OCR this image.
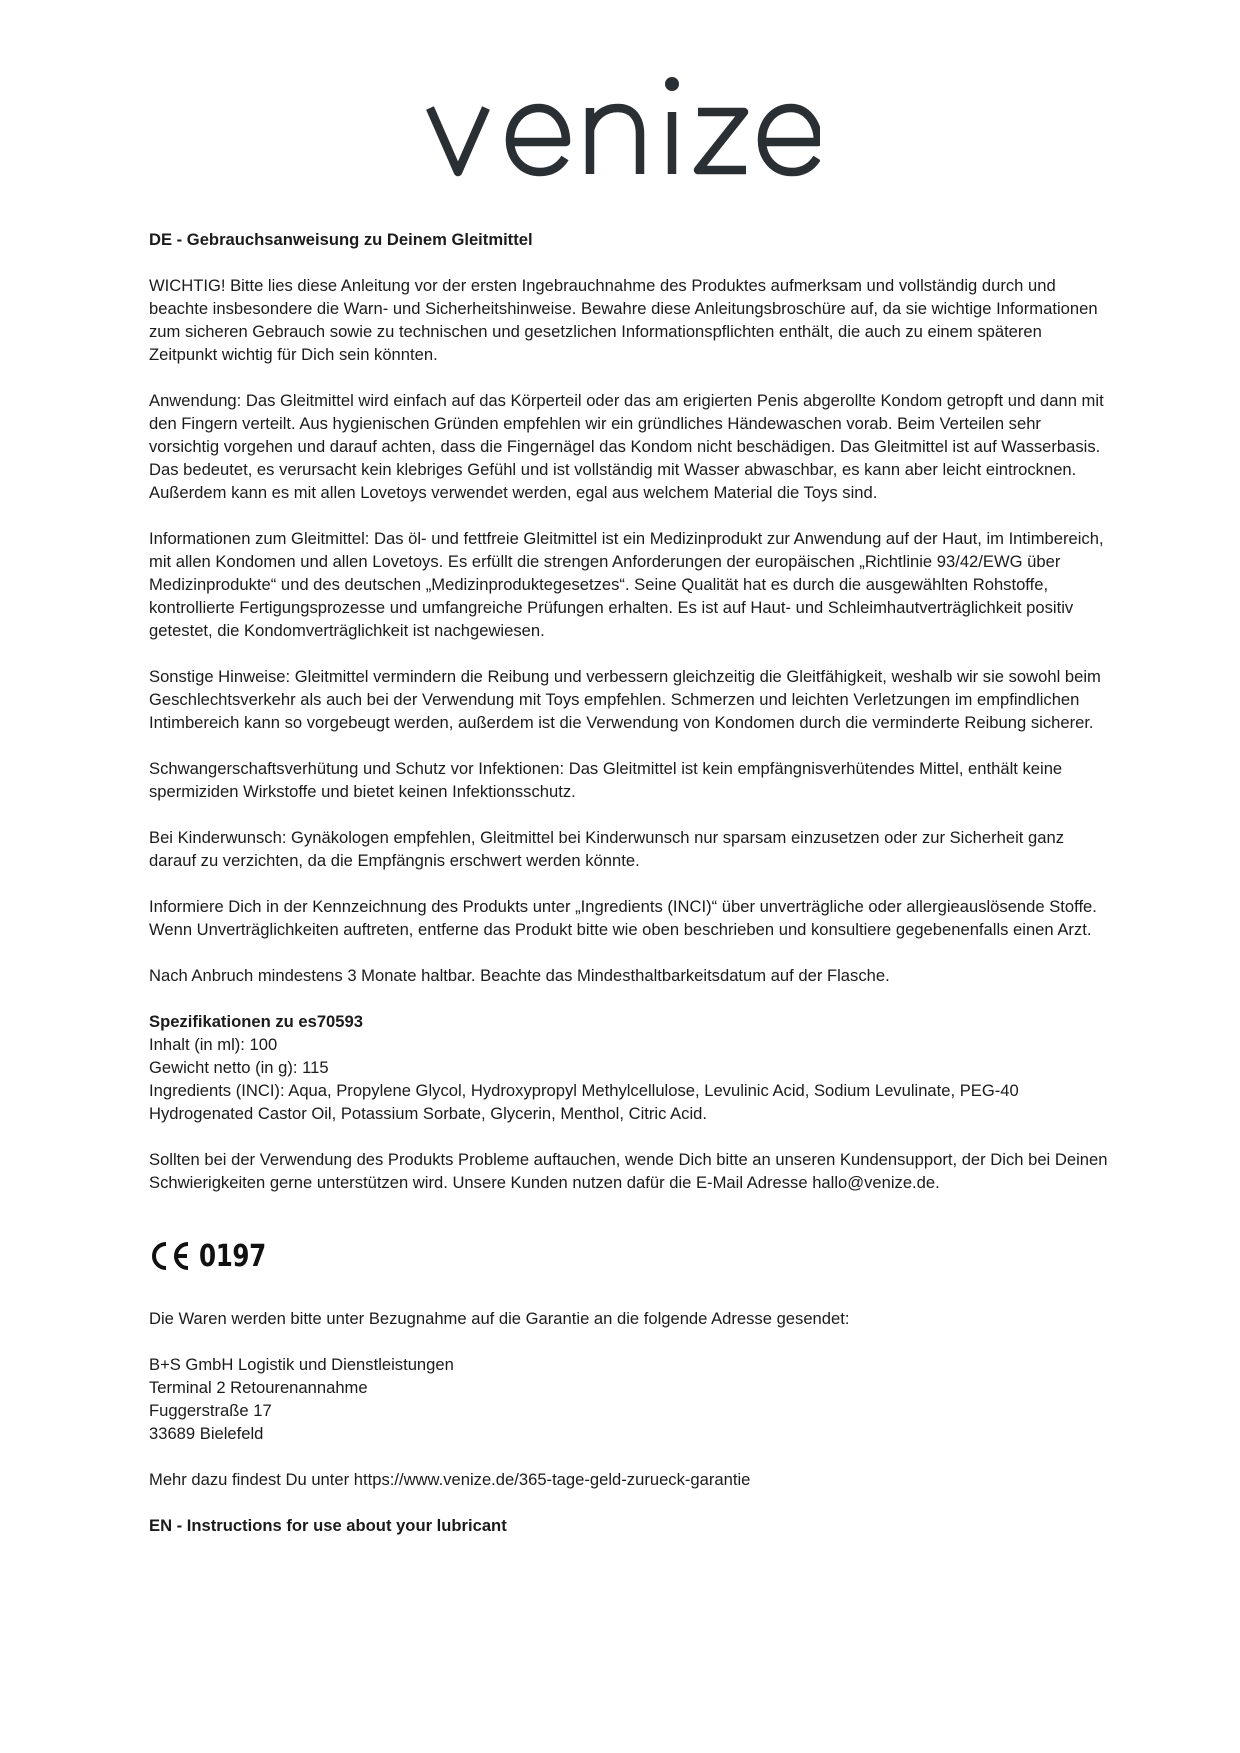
DE - Gebrauchsanweisung zu Deinem Gleitmittel

WICHTIG! Bitte lies diese Anleitung vor der ersten Ingebrauchnahme des Produktes aufmerksam und vollständig durch und beachte insbesondere die Warn- und Sicherheitshinweise. Bewahre diese Anleitungsbroschüre auf, da sie wichtige Informationen zum sicheren Gebrauch sowie zu technischen und gesetzlichen Informationspflichten enthält, die auch zu einem späteren Zeitpunkt wichtig für Dich sein könnten.

Anwendung: Das Gleitmittel wird einfach auf das Körperteil oder das am erigierten Penis abgerollte Kondom getropft und dann mit den Fingern verteilt. Aus hygienischen Gründen empfehlen wir ein gründliches Händewaschen vorab. Beim Verteilen sehr vorsichtig vorgehen und darauf achten, dass die Fingernägel das Kondom nicht beschädigen. Das Gleitmittel ist auf Wasserbasis. Das bedeutet, es verursacht kein klebriges Gefühl und ist vollständig mit Wasser abwaschbar, es kann aber leicht eintrocknen. Außerdem kann es mit allen Lovetoys verwendet werden, egal aus welchem Material die Toys sind.

Informationen zum Gleitmittel: Das öl- und fettfreie Gleitmittel ist ein Medizinprodukt zur Anwendung auf der Haut, im Intimbereich, mit allen Kondomen und allen Lovetoys. Es erfüllt die strengen Anforderungen der europäischen „Richtlinie 93/42/EWG über Medizinprodukte“ und des deutschen „Medizinproduktegesetzes“. Seine Qualität hat es durch die ausgewählten Rohstoffe, kontrollierte Fertigungsprozesse und umfangreiche Prüfungen erhalten. Es ist auf Haut- und Schleimhautverträglichkeit positiv getestet, die Kondomverträglichkeit ist nachgewiesen.

Sonstige Hinweise: Gleitmittel vermindern die Reibung und verbessern gleichzeitig die Gleitfähigkeit, weshalb wir sie sowohl beim Geschlechtsverkehr als auch bei der Verwendung mit Toys empfehlen. Schmerzen und leichten Verletzungen im empfindlichen Intimbereich kann so vorgebeugt werden, außerdem ist die Verwendung von Kondomen durch die verminderte Reibung sicherer.

Schwangerschaftsverhütung und Schutz vor Infektionen: Das Gleitmittel ist kein empfängnisverhütendes Mittel, enthält keine spermiziden Wirkstoffe und bietet keinen Infektionsschutz.

Bei Kinderwunsch: Gynäkologen empfehlen, Gleitmittel bei Kinderwunsch nur sparsam einzusetzen oder zur Sicherheit ganz darauf zu verzichten, da die Empfängnis erschwert werden könnte.

Informiere Dich in der Kennzeichnung des Produkts unter „Ingredients (INCI)“ über unverträgliche oder allergieauslösende Stoffe. Wenn Unverträglichkeiten auftreten, entferne das Produkt bitte wie oben beschrieben und konsultiere gegebenenfalls einen Arzt.

Nach Anbruch mindestens 3 Monate haltbar. Beachte das Mindesthaltbarkeitsdatum auf der Flasche.

Spezifikationen zu es70593
Inhalt (in ml): 100
Gewicht netto (in g): 115
Ingredients (INCI): Aqua, Propylene Glycol, Hydroxypropyl Methylcellulose, Levulinic Acid, Sodium Levulinate, PEG-40 Hydrogenated Castor Oil, Potassium Sorbate, Glycerin, Menthol, Citric Acid.

Sollten bei der Verwendung des Produkts Probleme auftauchen, wende Dich bitte an unseren Kundensupport, der Dich bei Deinen Schwierigkeiten gerne unterstützen wird. Unsere Kunden nutzen dafür die E-Mail Adresse hallo@venize.de.

0197

Die Waren werden bitte unter Bezugnahme auf die Garantie an die folgende Adresse gesendet:

B+S GmbH Logistik und Dienstleistungen
Terminal 2 Retourenannahme
Fuggerstraße 17
33689 Bielefeld

Mehr dazu findest Du unter https://www.venize.de/365-tage-geld-zurueck-garantie

EN - Instructions for use about your lubricant
